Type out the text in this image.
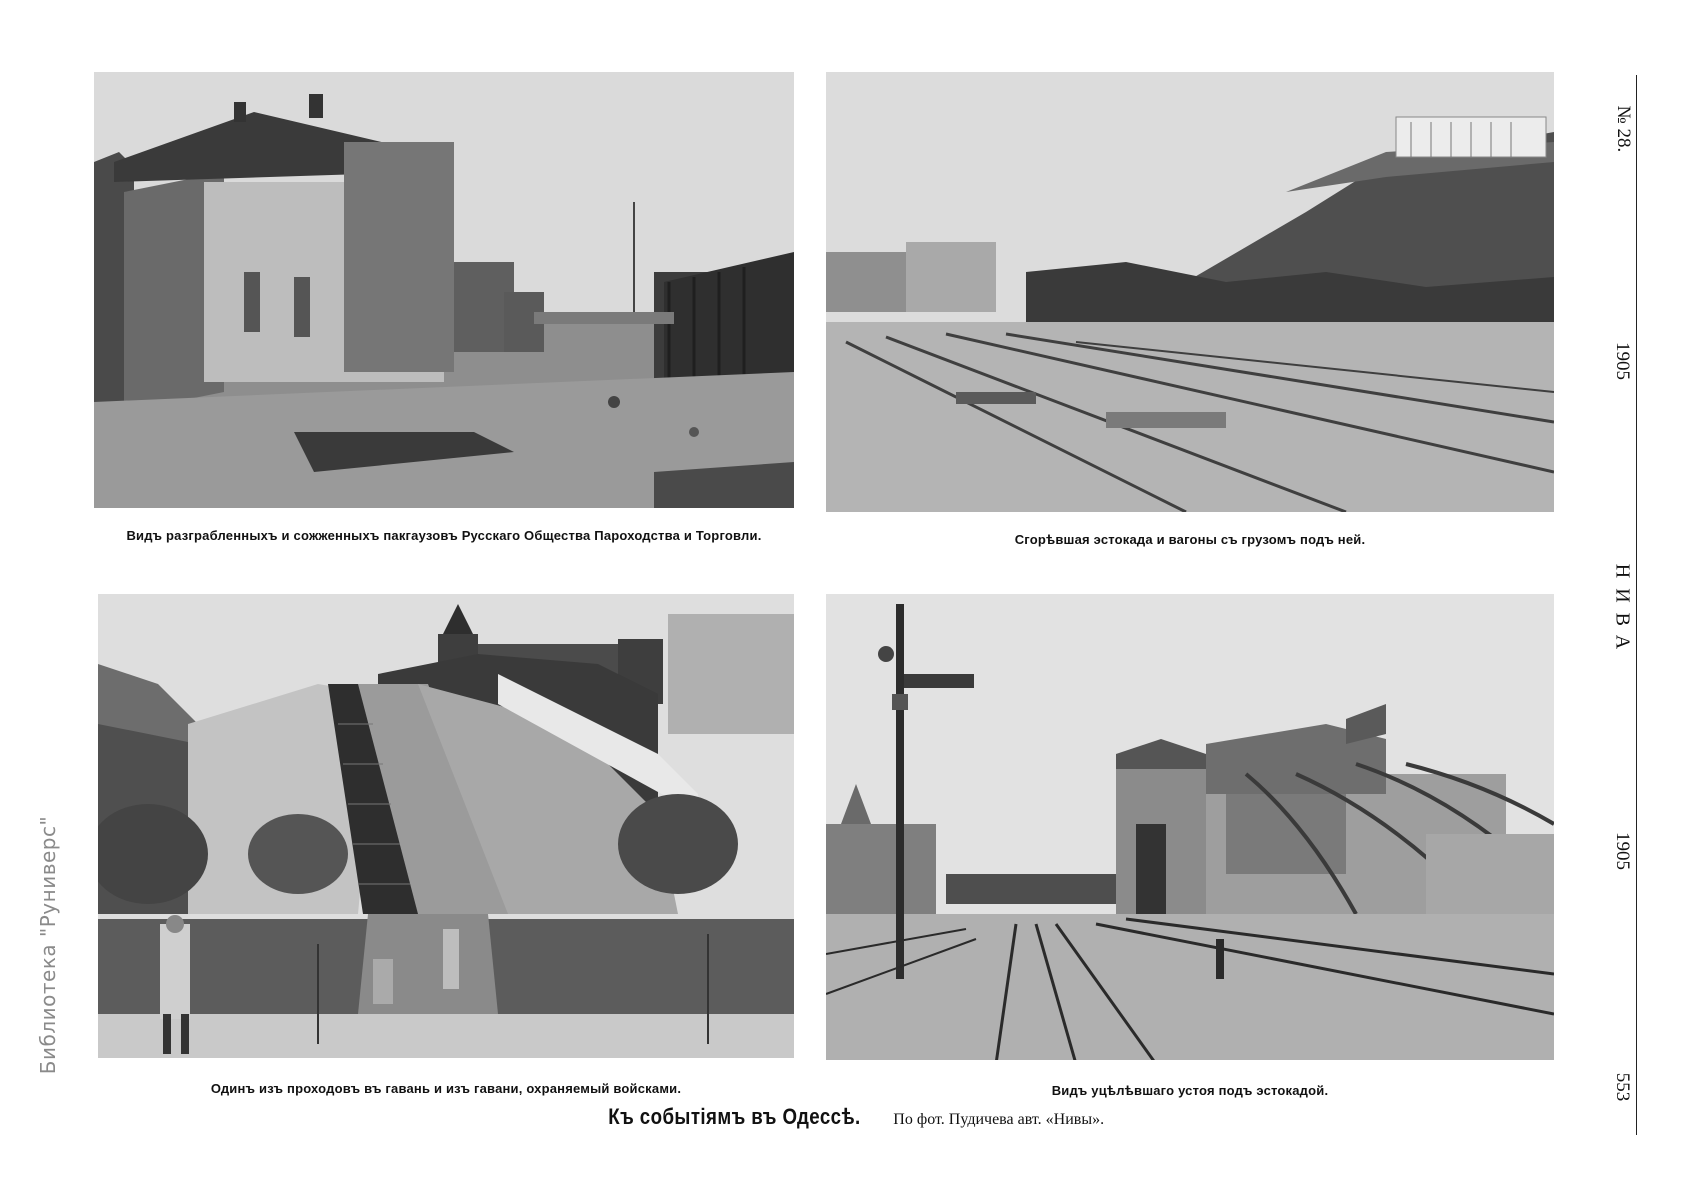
Видъ разграбленныхъ и сожженныхъ пакгаузовъ Русскаго Общества Пароходства и Торговли.	Сгорѣвшая эстокада и вагоны съ грузомъ подъ ней.
Одинъ изъ проходовъ въ гавань и изъ гавани, охраняемый войсками.	Видъ уцѣлѣвшаго устоя подъ эстокадой.
Къ событіямъ въ Одессѣ. По фот. Пудичева авт. «Нивы».
№ 28.
1905
НИВА
1905
553
Библиотека "Руниверс"
